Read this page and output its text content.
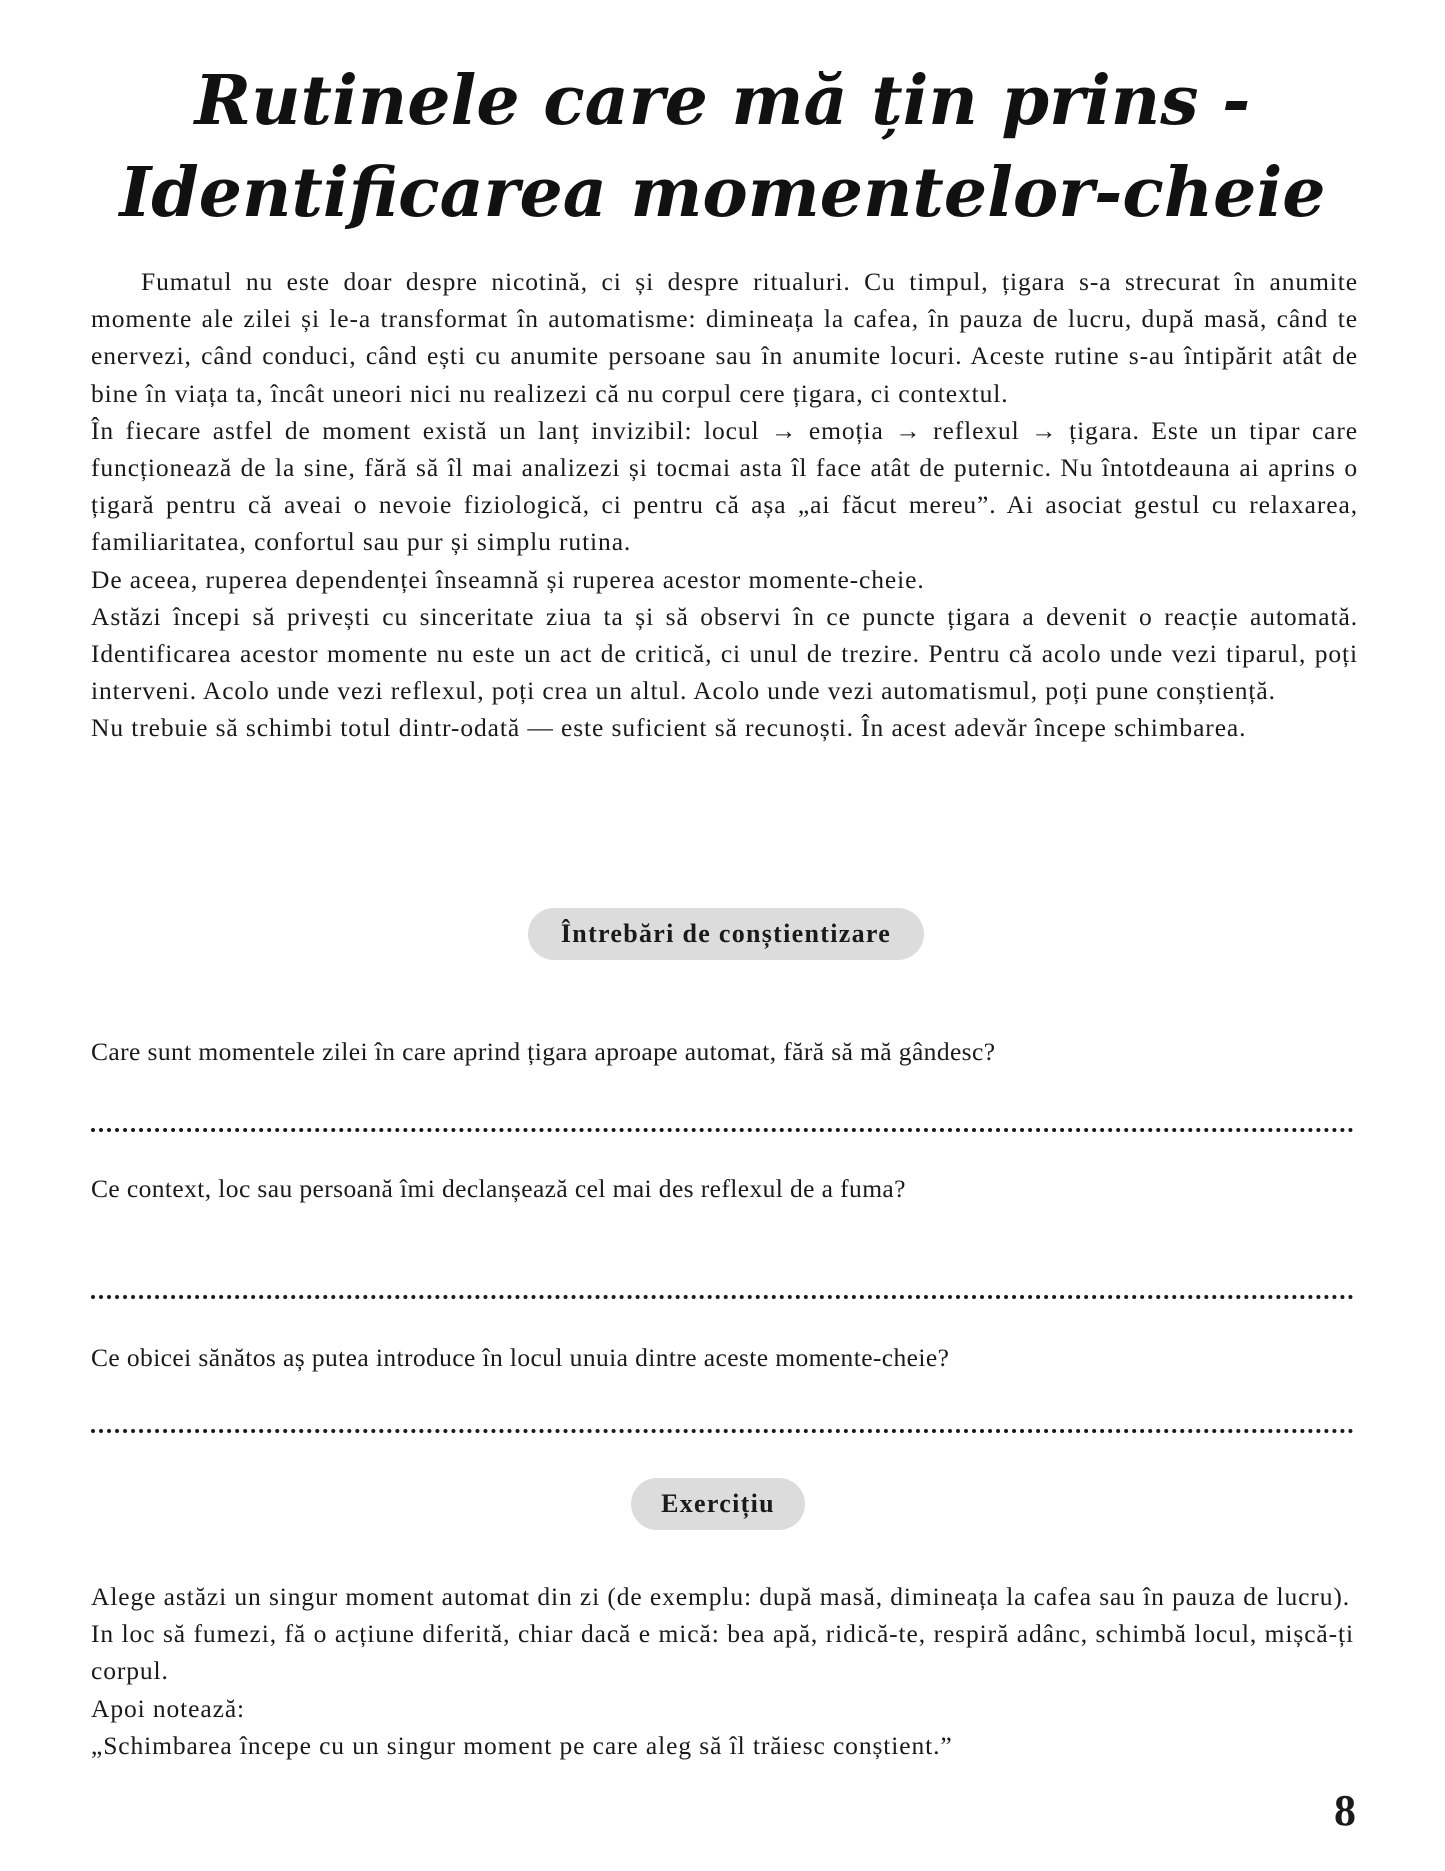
Rutinele care mă țin prins -
Identificarea momentelor-cheie

Fumatul nu este doar despre nicotină, ci și despre ritualuri. Cu timpul, țigara s-a strecurat în anumite momente ale zilei și le-a transformat în automatisme: dimineața la cafea, în pauza de lucru, după masă, când te enervezi, când conduci, când ești cu anumite persoane sau în anumite locuri. Aceste rutine s-au întipărit atât de bine în viața ta, încât uneori nici nu realizezi că nu corpul cere țigara, ci contextul.

În fiecare astfel de moment există un lanț invizibil: locul → emoția → reflexul → țigara. Este un tipar care funcționează de la sine, fără să îl mai analizezi și tocmai asta îl face atât de puternic. Nu întotdeauna ai aprins o țigară pentru că aveai o nevoie fiziologică, ci pentru că așa „ai făcut mereu”. Ai asociat gestul cu relaxarea, familiaritatea, confortul sau pur și simplu rutina.

De aceea, ruperea dependenței înseamnă și ruperea acestor momente-cheie.

Astăzi începi să privești cu sinceritate ziua ta și să observi în ce puncte țigara a devenit o reacție automată. Identificarea acestor momente nu este un act de critică, ci unul de trezire. Pentru că acolo unde vezi tiparul, poți interveni. Acolo unde vezi reflexul, poți crea un altul. Acolo unde vezi automatismul, poți pune conștiență.

Nu trebuie să schimbi totul dintr-odată — este suficient să recunoști. În acest adevăr începe schimbarea.

Întrebări de conștientizare
Care sunt momentele zilei în care aprind țigara aproape automat, fără să mă gândesc?
Ce context, loc sau persoană îmi declanșează cel mai des reflexul de a fuma?
Ce obicei sănătos aș putea introduce în locul unuia dintre aceste momente-cheie?
Exercițiu

Alege astăzi un singur moment automat din zi (de exemplu: după masă, dimineața la cafea sau în pauza de lucru).

In loc să fumezi, fă o acțiune diferită, chiar dacă e mică: bea apă, ridică-te, respiră adânc, schimbă locul, mișcă-ți corpul.

Apoi notează:

„Schimbarea începe cu un singur moment pe care aleg să îl trăiesc conștient.”

8
